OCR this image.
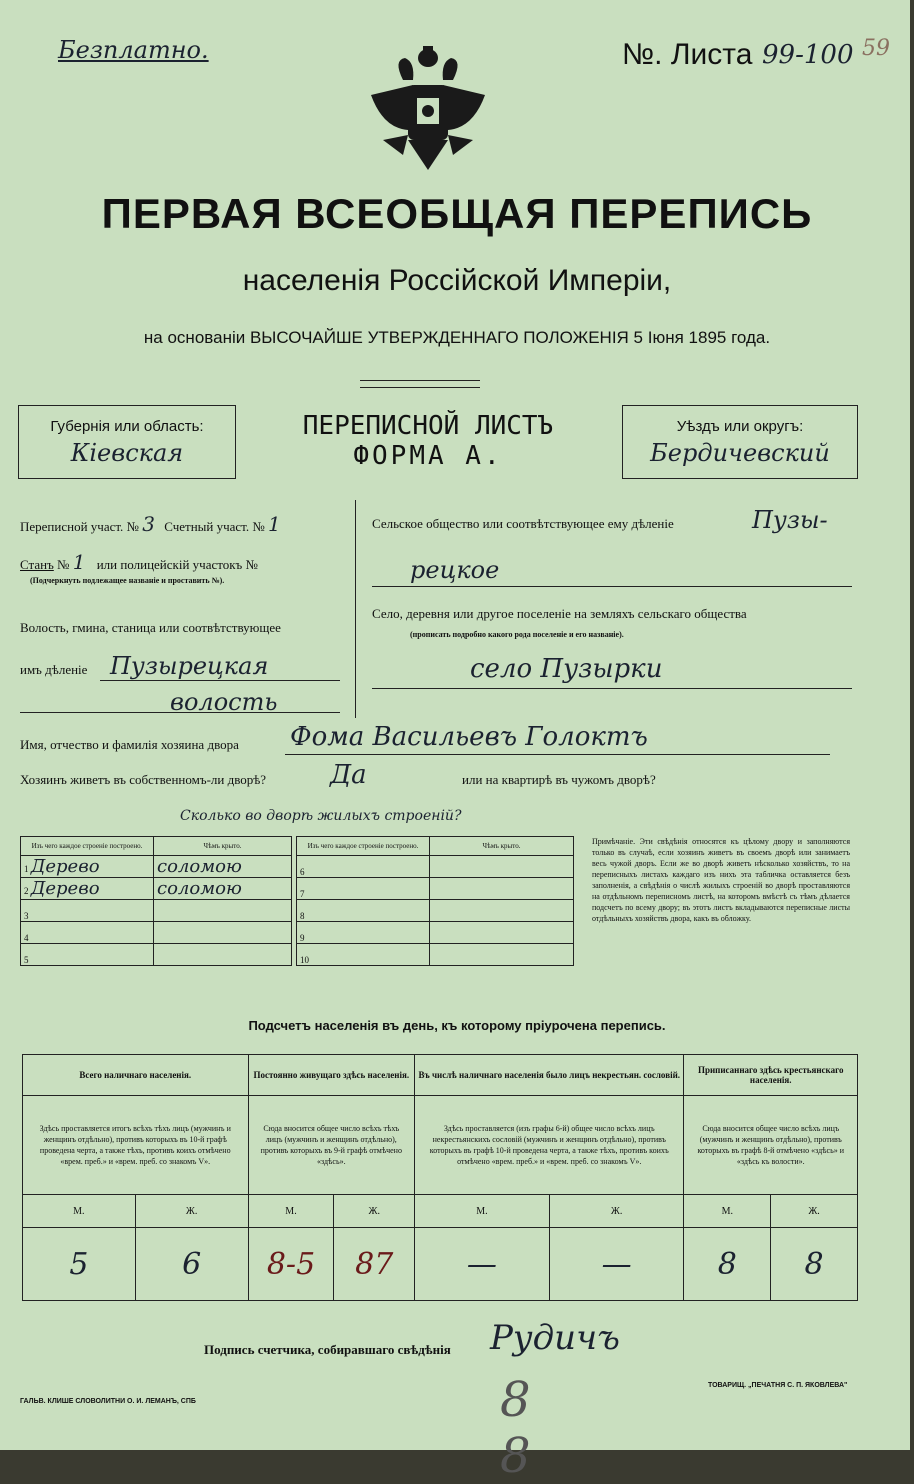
Безплатно.	№. Листа 99-100 59
ПЕРВАЯ ВСЕОБЩАЯ ПЕРЕПИСЬ
населенія Россійской Имперіи,
на основаніи ВЫСОЧАЙШЕ УТВЕРЖДЕННАГО ПОЛОЖЕНІЯ 5 Іюня 1895 года.
Губернія или область:
Кіевская
ПЕРЕПИСНОЙ ЛИСТЪ
ФОРМА А.
Уѣздъ или округъ:
Бердичевский
Переписной участ. № 3 Счетный участ. № 1
Станъ № 1 или полицейскій участокъ №
(Подчеркнуть подлежащее названіе и проставить №).
Волость, гмина, станица или соотвѣтствующее
имъ дѣленіе Пузырецкая
волость
Сельское общество или соотвѣтствующее ему дѣленіе	Пузы-
рецкое
Село, деревня или другое поселеніе на земляхъ сельскаго общества
(прописать подробно какого рода поселеніе и его названіе).
село Пузырки
Имя, отчество и фамилія хозяина двора Фома Васильевъ Голоктъ
Хозяинъ живетъ въ собственномъ-ли дворѣ? Да	или на квартирѣ въ чужомъ дворѣ?
Сколько во дворѣ жилыхъ строеній?
Изъ чего каждое строеніе построено.	Чѣмъ крыто.
1 Дерево	соломою
2 Дерево	соломою
3	
4	
5	
Изъ чего каждое строеніе построено.	Чѣмъ крыто.
6	
7	
8	
9	
10	
Примѣчаніе. Эти свѣдѣнія относятся къ цѣлому двору и заполняются только въ случаѣ, если хозяинъ живетъ въ своемъ дворѣ или занимаетъ весь чужой дворъ. Если же во дворѣ живетъ нѣсколько хозяйствъ, то на переписныхъ листахъ каждаго изъ нихъ эта табличка оставляется безъ заполненія, а свѣдѣнія о числѣ жилыхъ строеній во дворѣ проставляются на отдѣльномъ переписномъ листѣ, на которомъ вмѣстѣ съ тѣмъ дѣлается подсчетъ по всему двору; въ этотъ листъ вкладываются переписные листы отдѣльныхъ хозяйствъ двора, какъ въ обложку.
Подсчетъ населенія въ день, къ которому пріурочена перепись.
Всего наличнаго населенія.		Постоянно живущаго здѣсь населенія.		Въ числѣ наличнаго населенія было лицъ некрестьян. сословій.		Приписаннаго здѣсь крестьянскаго населенія.	
Здѣсь проставляется итогъ всѣхъ тѣхъ лицъ (мужчинъ и женщинъ отдѣльно), противъ которыхъ въ 10-й графѣ проведена черта, а также тѣхъ, противъ коихъ отмѣчено «врем. преб.» и «врем. преб. со знакомъ V».		Сюда вносится общее число всѣхъ тѣхъ лицъ (мужчинъ и женщинъ отдѣльно), противъ которыхъ въ 9-й графѣ отмѣчено «здѣсь».		Здѣсь проставляется (изъ графы 6-й) общее число всѣхъ лицъ некрестьянскихъ сословій (мужчинъ и женщинъ отдѣльно), противъ которыхъ въ графѣ 10-й проведена черта, а также тѣхъ, противъ коихъ отмѣчено «врем. преб.» и «врем. преб. со знакомъ V».		Сюда вносится общее число всѣхъ лицъ (мужчинъ и женщинъ отдѣльно), противъ которыхъ въ графѣ 8-й отмѣчено «здѣсь» и «здѣсь къ волости».	
М.	Ж.	М.	Ж.	М.	Ж.	М.	Ж.
5	6	8-5	87	—	—	8	8
Подпись счетчика, собиравшаго свѣдѣнія Рудичъ
8 8
ГАЛЬВ. КЛИШЕ СЛОВОЛИТНИ О. И. ЛЕМАНЪ, СПБ
ТОВАРИЩ. „ПЕЧАТНЯ С. П. ЯКОВЛЕВА"
